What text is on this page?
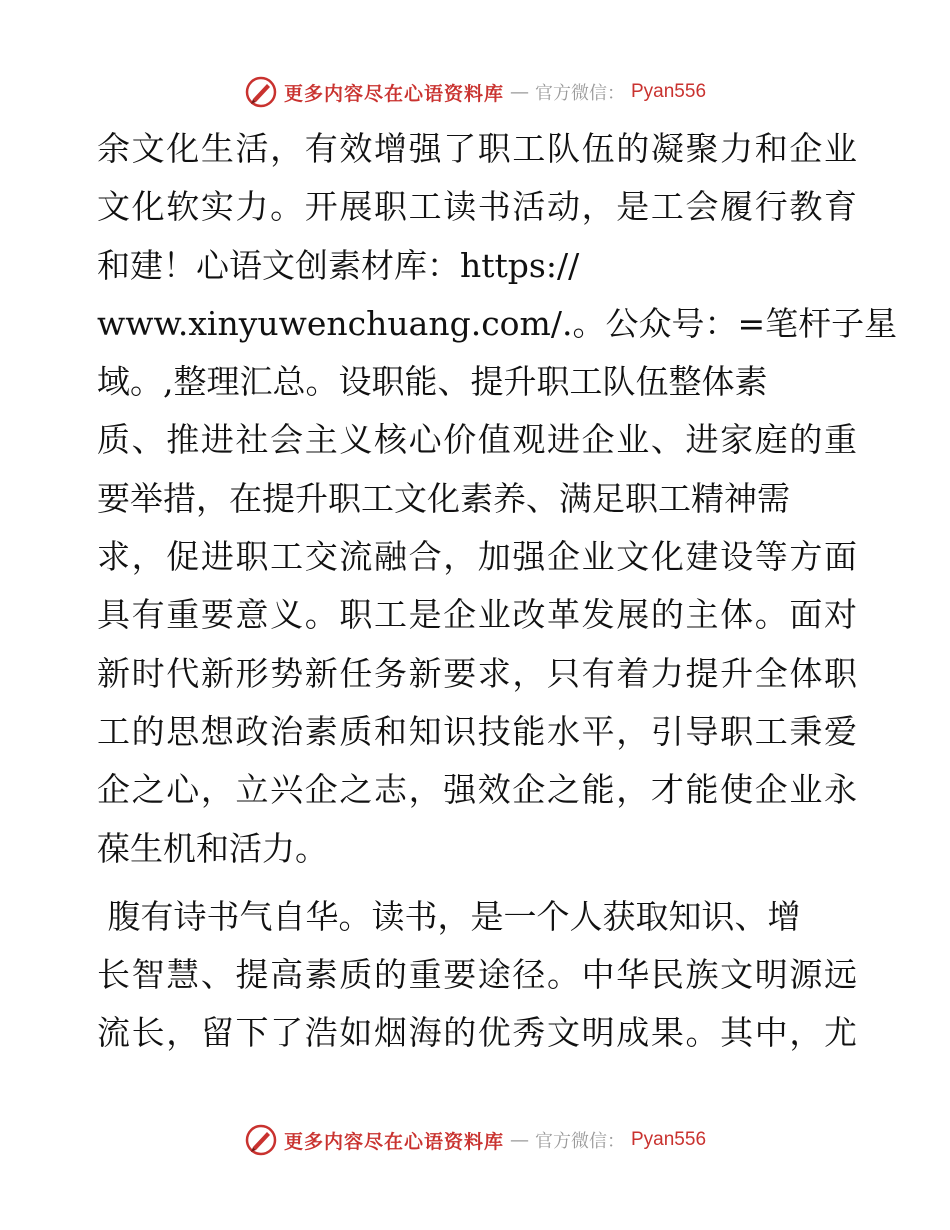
更多内容尽在心语资料库 — 官方微信： Pyan556
余文化生活，有效增强了职工队伍的凝聚力和企业
文化软实力。开展职工读书活动，是工会履行教育
和建！心语文创素材库：https://
www.xinyuwenchuang.com/.。公众号：=笔杆子星
域。,整理汇总。设职能、提升职工队伍整体素
质、推进社会主义核心价值观进企业、进家庭的重
要举措，在提升职工文化素养、满足职工精神需
求，促进职工交流融合，加强企业文化建设等方面
具有重要意义。职工是企业改革发展的主体。面对
新时代新形势新任务新要求，只有着力提升全体职
工的思想政治素质和知识技能水平，引导职工秉爱
企之心，立兴企之志，强效企之能，才能使企业永
葆生机和活力。
腹有诗书气自华。读书，是一个人获取知识、增
长智慧、提高素质的重要途径。中华民族文明源远
流长，留下了浩如烟海的优秀文明成果。其中，尤
更多内容尽在心语资料库 — 官方微信： Pyan556
